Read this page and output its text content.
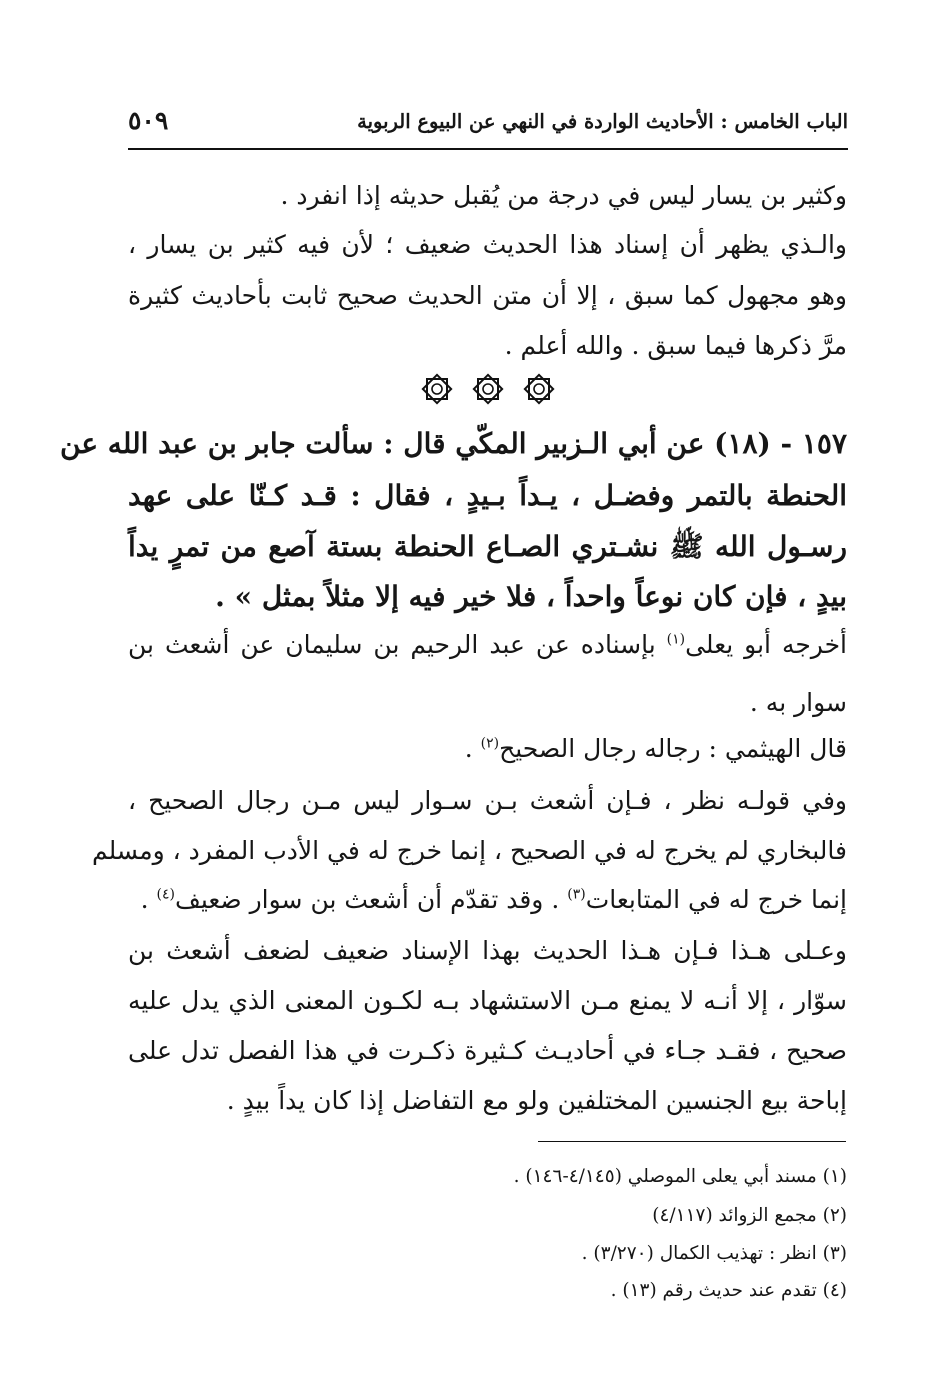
الباب الخامس : الأحاديث الواردة في النهي عن البيوع الربوية
٥٠٩
وكثير بن يسار ليس في درجة من يُقبل حديثه إذا انفرد .
والـذي يظهر أن إسناد هذا الحديث ضعيف ؛ لأن فيه كثير بن يسار ،
وهو مجهول كما سبق ، إلا أن متن الحديث صحيح ثابت بأحاديث كثيرة
مرَّ ذكرها فيما سبق . والله أعلم .
١٥٧ - (١٨) عن أبي الـزبير المكّي قال : سألت جابر بن عبد الله عن
الحنطة بالتمر وفضـل ، يـداً بـيدٍ ، فقال : قـد كـنّا على عهد
رسـول الله ﷺ نشـتري الصـاع الحنطة بستة آصع من تمرٍ يداً
بيدٍ ، فإن كان نوعاً واحداً ، فلا خير فيه إلا مثلاً بمثل » .
أخرجه أبو يعلى$^{(١)}$ بإسناده عن عبد الرحيم بن سليمان عن أشعث بن
سوار به .
قال الهيثمي : رجاله رجال الصحيح$^{(٢)}$ .
وفي قولـه نظر ، فـإن أشعث بـن سـوار ليس مـن رجال الصحيح ،
فالبخاري لم يخرج له في الصحيح ، إنما خرج له في الأدب المفرد ، ومسلم
إنما خرج له في المتابعات$^{(٣)}$ . وقد تقدّم أن أشعث بن سوار ضعيف$^{(٤)}$ .
وعـلى هـذا فـإن هـذا الحديث بهذا الإسناد ضعيف لضعف أشعث بن
سوّار ، إلا أنـه لا يمنع مـن الاستشهاد بـه لكـون المعنى الذي يدل عليه
صحيح ، فقـد جـاء في أحاديـث كـثيرة ذكـرت في هذا الفصل تدل على
إباحة بيع الجنسين المختلفين ولو مع التفاضل إذا كان يداً بيدٍ .
(١) مسند أبي يعلى الموصلي (٤/١٤٥-١٤٦) .
(٢) مجمع الزوائد (٤/١١٧)
(٣) انظر : تهذيب الكمال (٣/٢٧٠) .
(٤) تقدم عند حديث رقم (١٣) .
